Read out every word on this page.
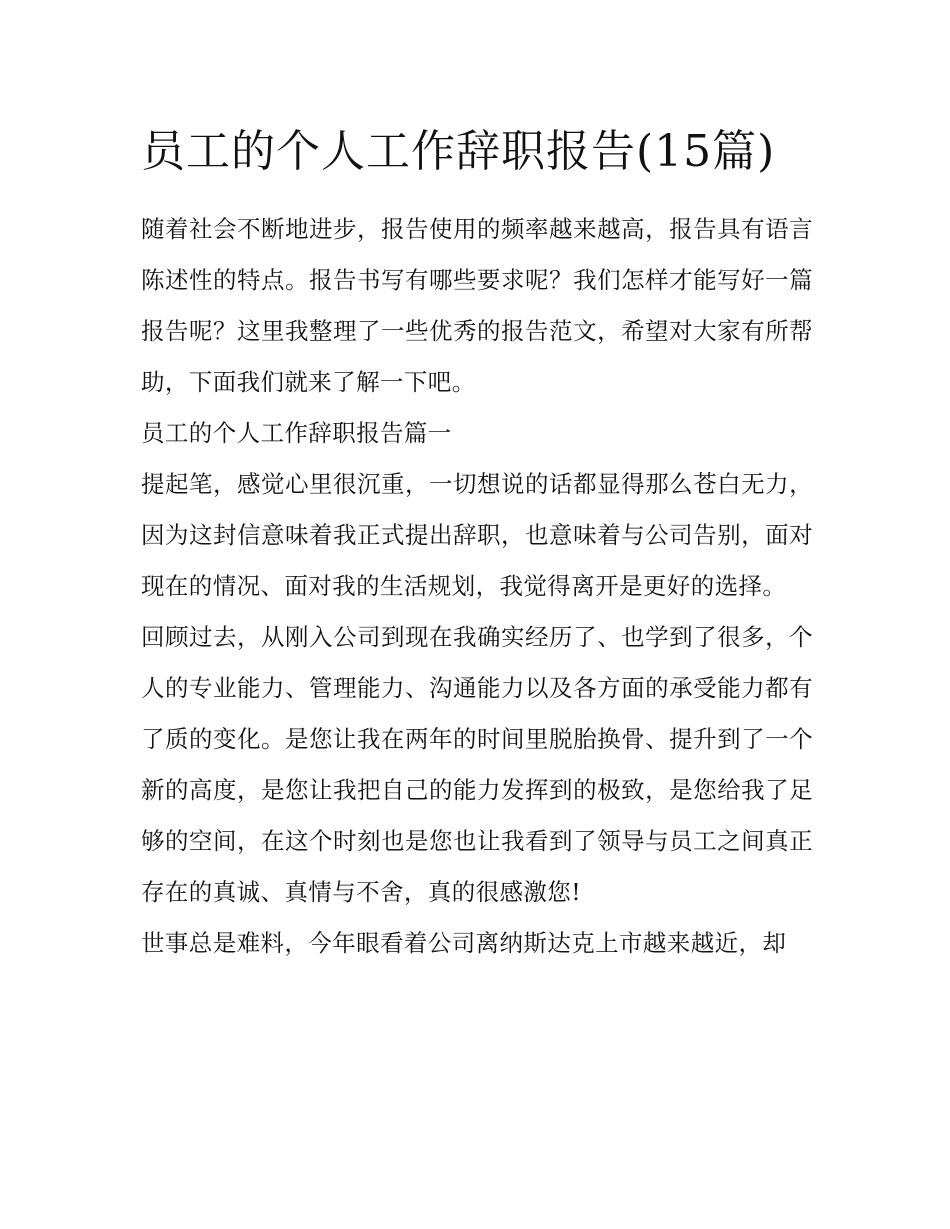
员工的个人工作辞职报告(15篇)

随着社会不断地进步，报告使用的频率越来越高，报告具有语言陈述性的特点。报告书写有哪些要求呢？我们怎样才能写好一篇报告呢？这里我整理了一些优秀的报告范文，希望对大家有所帮助，下面我们就来了解一下吧。

员工的个人工作辞职报告篇一

提起笔，感觉心里很沉重，一切想说的话都显得那么苍白无力，因为这封信意味着我正式提出辞职，也意味着与公司告别，面对现在的情况、面对我的生活规划，我觉得离开是更好的选择。

回顾过去，从刚入公司到现在我确实经历了、也学到了很多，个人的专业能力、管理能力、沟通能力以及各方面的承受能力都有了质的变化。是您让我在两年的时间里脱胎换骨、提升到了一个新的高度，是您让我把自己的能力发挥到的极致，是您给我了足够的空间，在这个时刻也是您也让我看到了领导与员工之间真正存在的真诚、真情与不舍，真的很感激您!

世事总是难料，今年眼看着公司离纳斯达克上市越来越近，却
